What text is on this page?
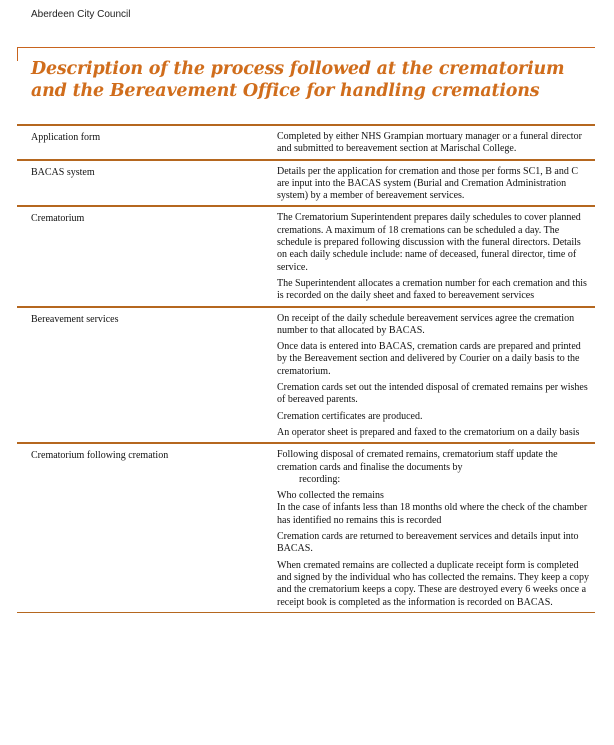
Aberdeen City Council
Description of the process followed at the crematorium
and the Bereavement Office for handling cremations
Application form	Completed by either NHS Grampian mortuary manager or a funeral director and submitted to bereavement section at Marischal College.

BACAS system	Details per the application for cremation and those per forms SC1, B and C are input into the BACAS system (Burial and Cremation Administration system) by a member of bereavement services.

Crematorium	The Crematorium Superintendent prepares daily schedules to cover planned cremations. A maximum of 18 cremations can be scheduled a day. The schedule is prepared following discussion with the funeral directors. Details on each daily schedule include: name of deceased, funeral director, time of service.

The Superintendent allocates a cremation number for each cremation and this is recorded on the daily sheet and faxed to bereavement services

Bereavement services	On receipt of the daily schedule bereavement services agree the cremation number to that allocated by BACAS.

Once data is entered into BACAS, cremation cards are prepared and printed by the Bereavement section and delivered by Courier on a daily basis to the crematorium.

Cremation cards set out the intended disposal of cremated remains per wishes of bereaved parents.

Cremation certificates are produced.

An operator sheet is prepared and faxed to the crematorium on a daily basis

Crematorium following cremation	Following disposal of cremated remains, crematorium staff update the cremation cards and finalise the documents by
recording:

Who collected the remains
In the case of infants less than 18 months old where the check of the chamber has identified no remains this is recorded

Cremation cards are returned to bereavement services and details input into BACAS.

When cremated remains are collected a duplicate receipt form is completed and signed by the individual who has collected the remains. They keep a copy and the crematorium keeps a copy. These are destroyed every 6 weeks once a receipt book is completed as the information is recorded on BACAS.
